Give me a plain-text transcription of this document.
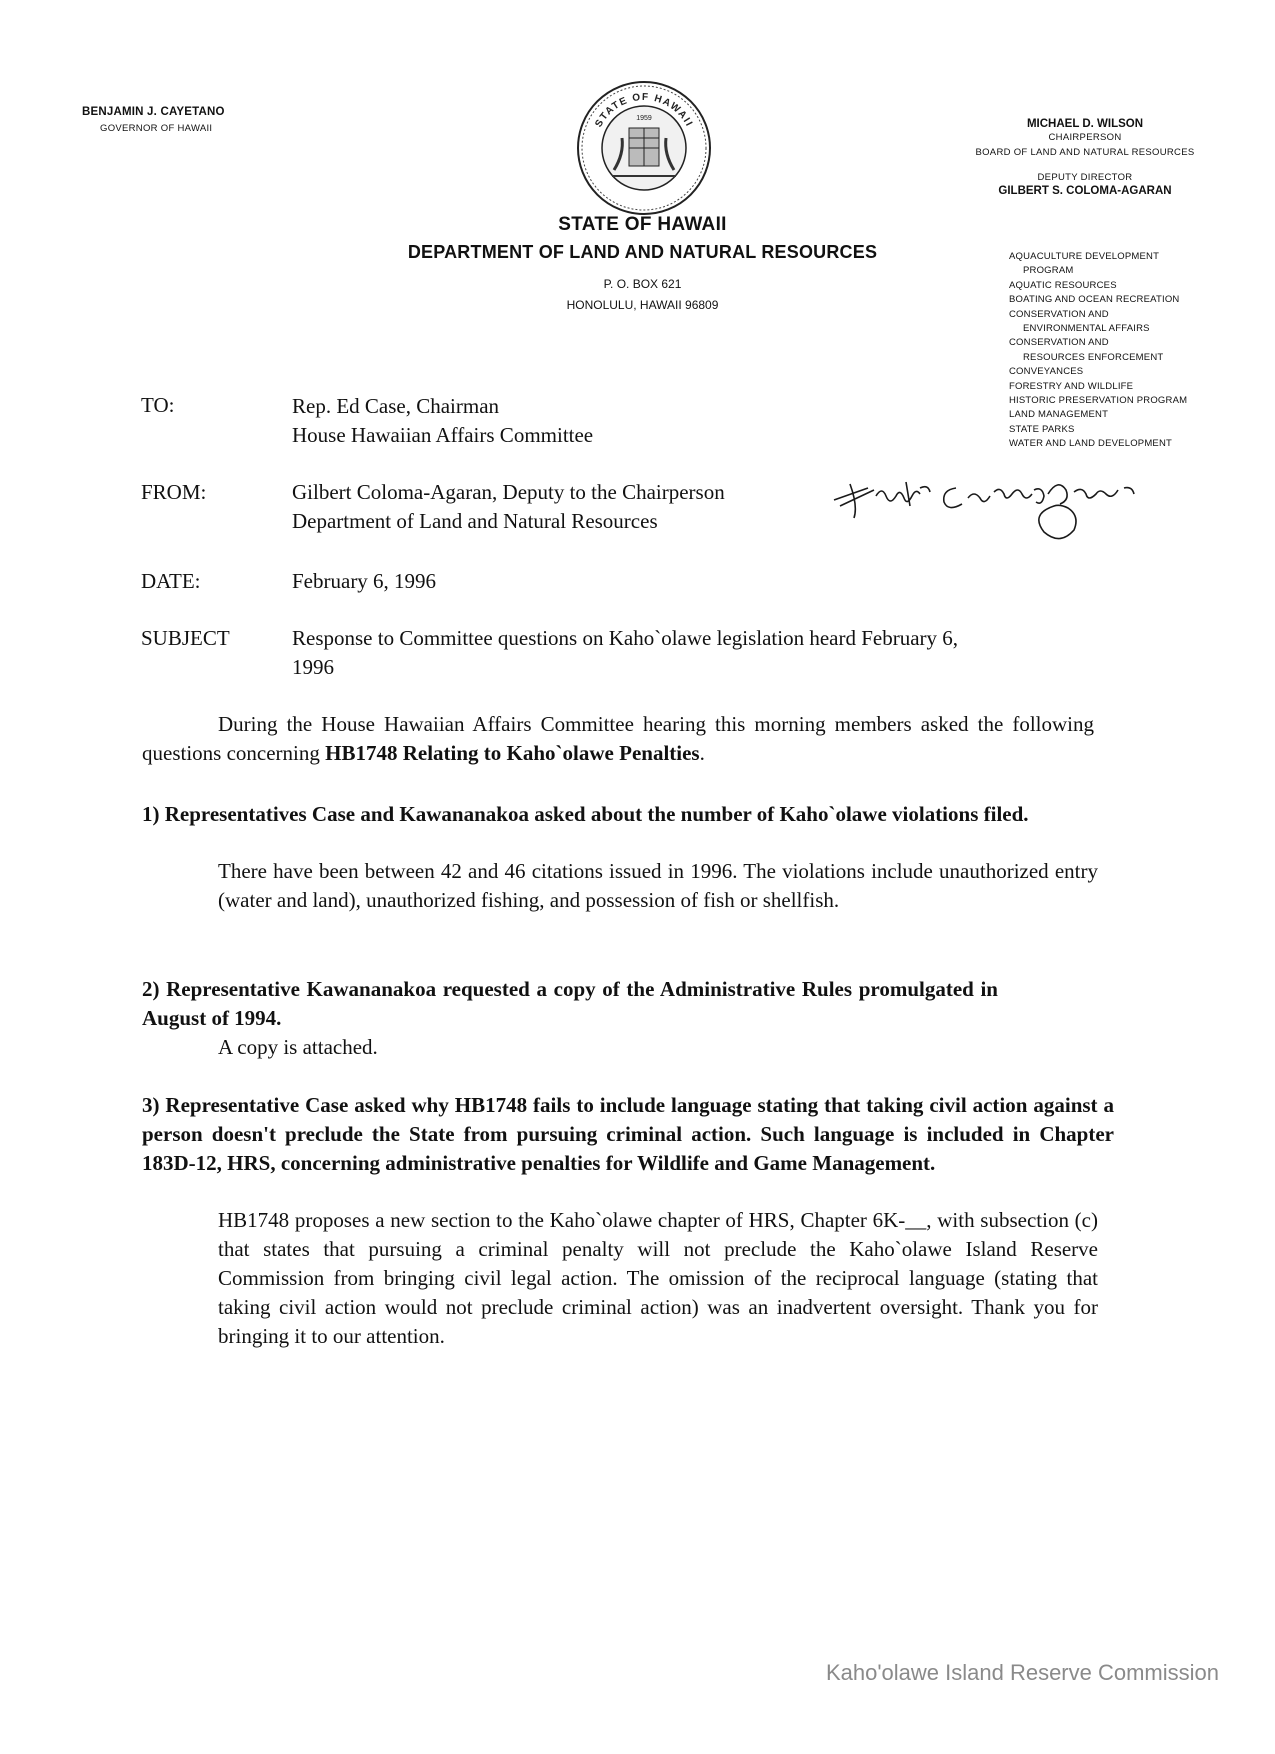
BENJAMIN J. CAYETANO
GOVERNOR OF HAWAII	STATE OF HAWAII
1959
STATE OF HAWAII
DEPARTMENT OF LAND AND NATURAL RESOURCES
P. O. BOX 621
HONOLULU, HAWAII 96809
MICHAEL D. WILSON
CHAIRPERSON
BOARD OF LAND AND NATURAL RESOURCES
DEPUTY DIRECTOR
GILBERT S. COLOMA-AGARAN
AQUACULTURE DEVELOPMENT
PROGRAM
AQUATIC RESOURCES
BOATING AND OCEAN RECREATION
CONSERVATION AND
ENVIRONMENTAL AFFAIRS
CONSERVATION AND
RESOURCES ENFORCEMENT
CONVEYANCES
FORESTRY AND WILDLIFE
HISTORIC PRESERVATION PROGRAM
LAND MANAGEMENT
STATE PARKS
WATER AND LAND DEVELOPMENT
TO:	Rep. Ed Case, Chairman
House Hawaiian Affairs Committee
FROM:	Gilbert Coloma-Agaran, Deputy to the Chairperson
Department of Land and Natural Resources
DATE:	February 6, 1996
SUBJECT	Response to Committee questions on Kaho`olawe legislation heard February 6,
1996
During the House Hawaiian Affairs Committee hearing this morning members asked the following questions concerning HB1748 Relating to Kaho`olawe Penalties.
1) Representatives Case and Kawananakoa asked about the number of Kaho`olawe violations filed.
There have been between 42 and 46 citations issued in 1996. The violations include unauthorized entry (water and land), unauthorized fishing, and possession of fish or shellfish.
2) Representative Kawananakoa requested a copy of the Administrative Rules promulgated in August of 1994.
A copy is attached.
3) Representative Case asked why HB1748 fails to include language stating that taking civil action against a person doesn't preclude the State from pursuing criminal action. Such language is included in Chapter 183D-12, HRS, concerning administrative penalties for Wildlife and Game Management.
HB1748 proposes a new section to the Kaho`olawe chapter of HRS, Chapter 6K-__, with subsection (c) that states that pursuing a criminal penalty will not preclude the Kaho`olawe Island Reserve Commission from bringing civil legal action. The omission of the reciprocal language (stating that taking civil action would not preclude criminal action) was an inadvertent oversight. Thank you for bringing it to our attention.
Kaho'olawe Island Reserve Commission
